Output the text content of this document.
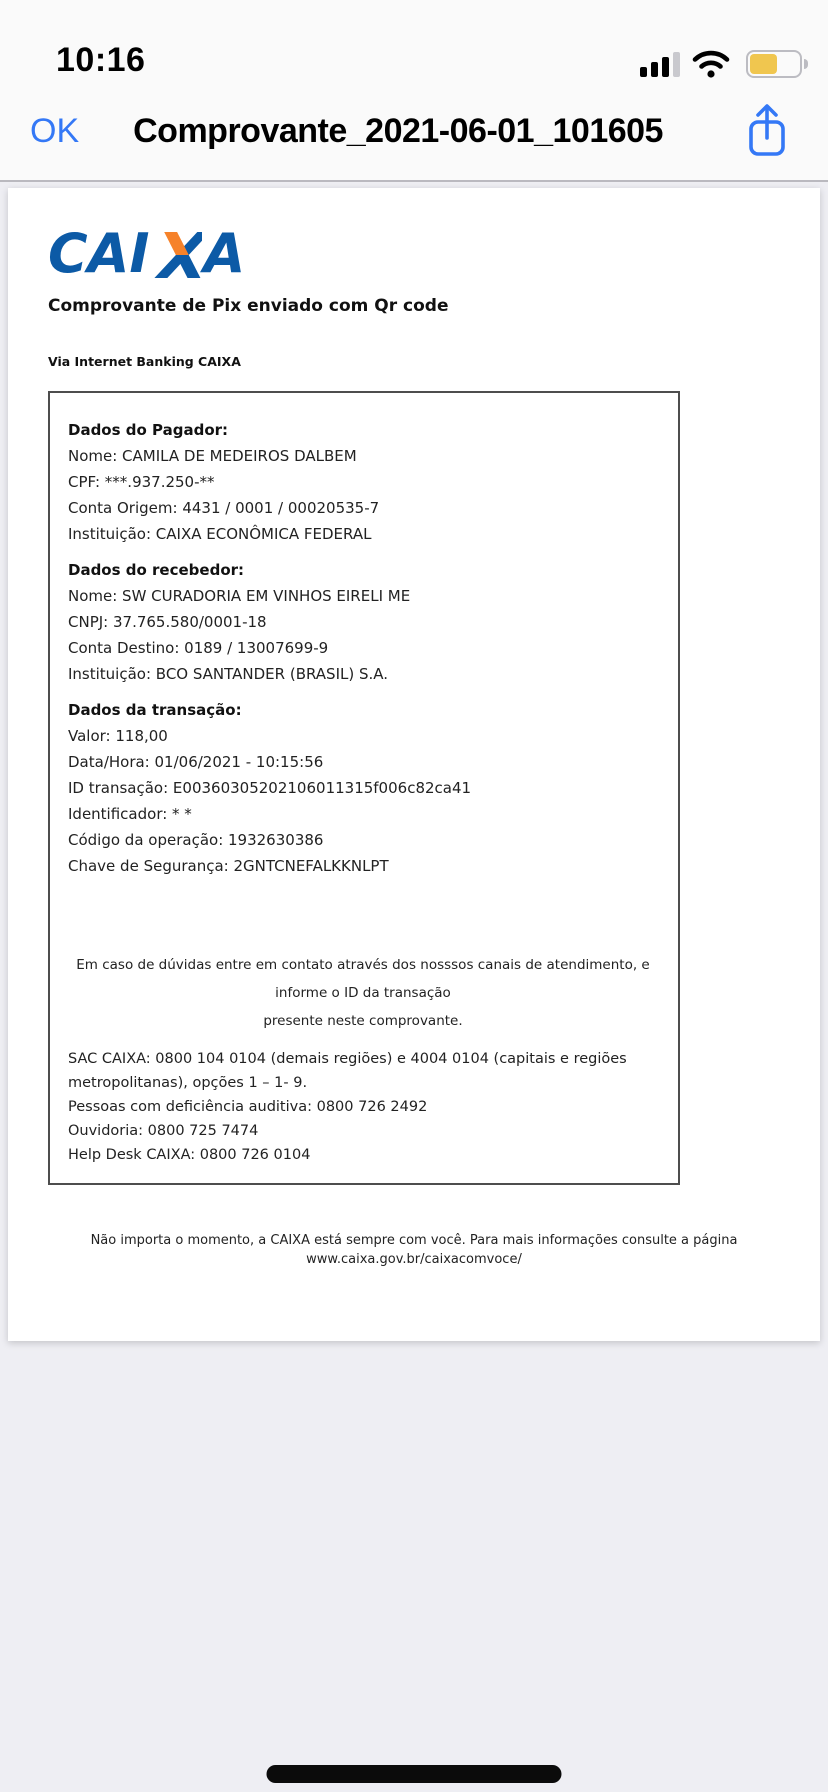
10:16
OK Comprovante_2021-06-01_101605
CAI A
Comprovante de Pix enviado com Qr code
Via Internet Banking CAIXA
Dados do Pagador:
Nome: CAMILA DE MEDEIROS DALBEM
CPF: ***.937.250-**
Conta Origem: 4431 / 0001 / 00020535-7
Instituição: CAIXA ECONÔMICA FEDERAL
Dados do recebedor:
Nome: SW CURADORIA EM VINHOS EIRELI ME
CNPJ: 37.765.580/0001-18
Conta Destino: 0189 / 13007699-9
Instituição: BCO SANTANDER (BRASIL) S.A.
Dados da transação:
Valor: 118,00
Data/Hora: 01/06/2021 - 10:15:56
ID transação: E00360305202106011315f006c82ca41
Identificador: * *
Código da operação: 1932630386
Chave de Segurança: 2GNTCNEFALKKNLPT
Em caso de dúvidas entre em contato através dos nosssos canais de atendimento, e informe o ID da transação
presente neste comprovante.
SAC CAIXA: 0800 104 0104 (demais regiões) e 4004 0104 (capitais e regiões metropolitanas), opções 1 – 1- 9.
Pessoas com deficiência auditiva: 0800 726 2492
Ouvidoria: 0800 725 7474
Help Desk CAIXA: 0800 726 0104
Não importa o momento, a CAIXA está sempre com você. Para mais informações consulte a página
www.caixa.gov.br/caixacomvoce/
